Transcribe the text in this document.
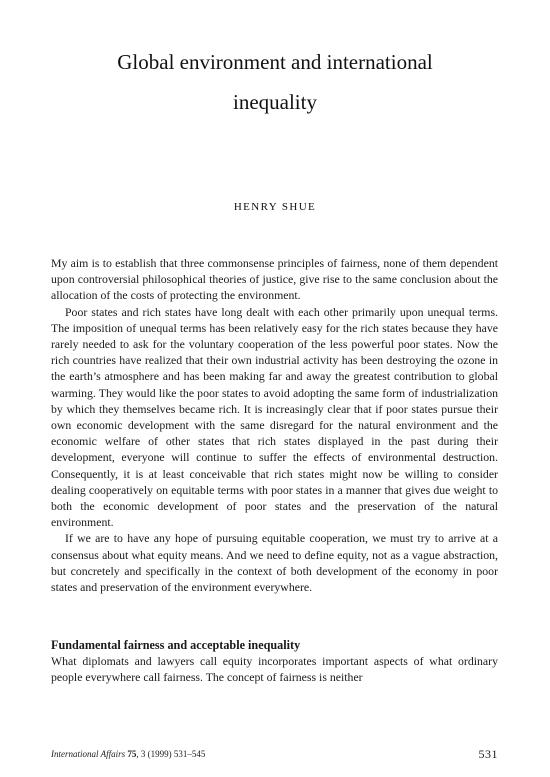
Global environment and international
inequality
HENRY SHUE

My aim is to establish that three commonsense principles of fairness, none of them dependent upon controversial philosophical theories of justice, give rise to the same conclusion about the allocation of the costs of protecting the environment.

Poor states and rich states have long dealt with each other primarily upon unequal terms. The imposition of unequal terms has been relatively easy for the rich states because they have rarely needed to ask for the voluntary cooperation of the less powerful poor states. Now the rich countries have realized that their own industrial activity has been destroying the ozone in the earth’s atmosphere and has been making far and away the greatest contribution to global warming. They would like the poor states to avoid adopting the same form of industrialization by which they themselves became rich. It is increasingly clear that if poor states pursue their own economic development with the same disregard for the natural environment and the economic welfare of other states that rich states displayed in the past during their development, everyone will continue to suffer the effects of environmental destruction. Consequently, it is at least conceivable that rich states might now be willing to consider dealing cooperatively on equitable terms with poor states in a manner that gives due weight to both the economic development of poor states and the preservation of the natural environment.

If we are to have any hope of pursuing equitable cooperation, we must try to arrive at a consensus about what equity means. And we need to define equity, not as a vague abstraction, but concretely and specifically in the context of both development of the economy in poor states and preservation of the environment everywhere.

Fundamental fairness and acceptable inequality

What diplomats and lawyers call equity incorporates important aspects of what ordinary people everywhere call fairness. The concept of fairness is neither

International Affairs 75, 3 (1999) 531–545	531
